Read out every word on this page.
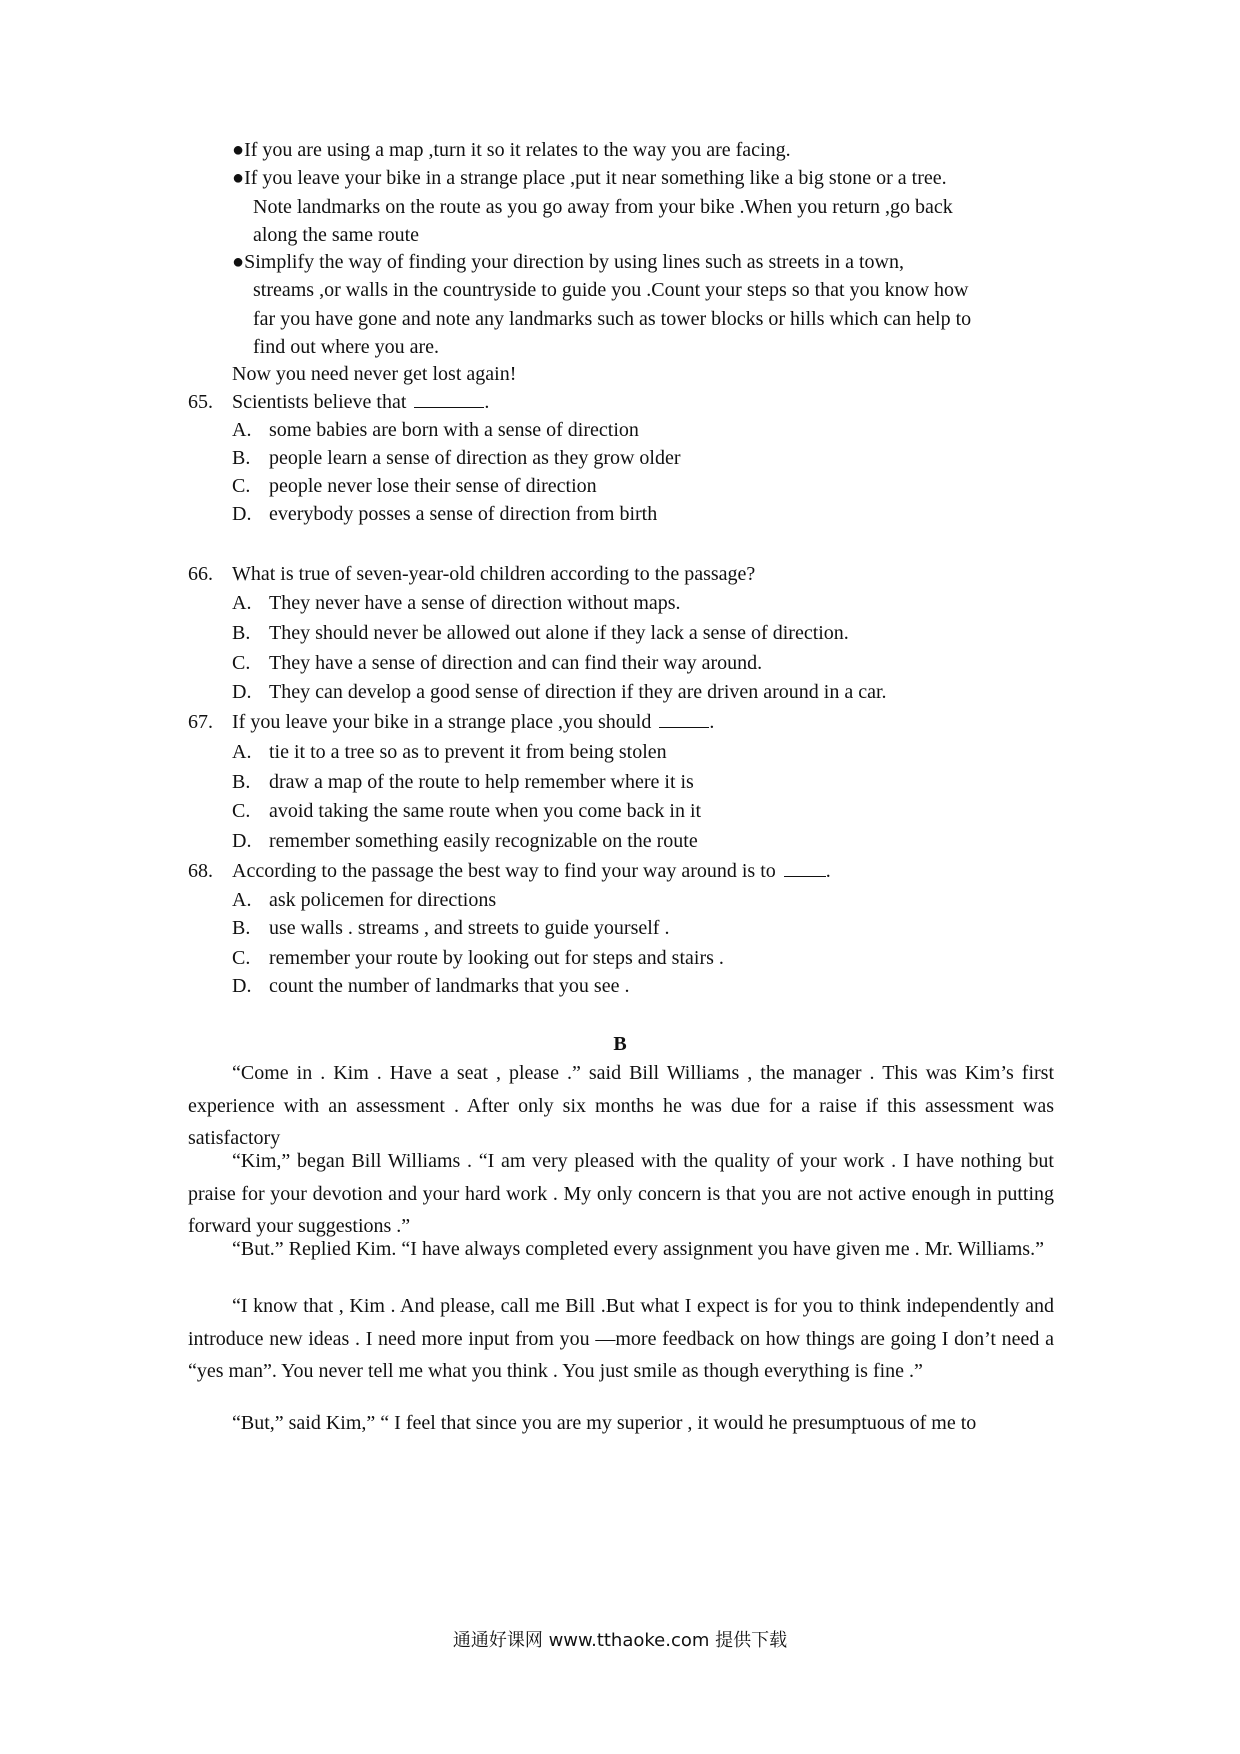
●If you are using a map ,turn it so it relates to the way you are facing.
●If you leave your bike in a strange place ,put it near something like a big stone or a tree.
Note landmarks on the route as you go away from your bike .When you return ,go back
along the same route
●Simplify the way of finding your direction by using lines such as streets in a town,
streams ,or walls in the countryside to guide you .Count your steps so that you know how
far you have gone and note any landmarks such as tower blocks or hills which can help to
find out where you are.
Now you need never get lost again!
65. Scientists believe that	.
A. some babies are born with a sense of direction
B. people learn a sense of direction as they grow older
C. people never lose their sense of direction
D. everybody posses a sense of direction from birth
66. What is true of seven-year-old children according to the passage?
A. They never have a sense of direction without maps.
B. They should never be allowed out alone if they lack a sense of direction.
C. They have a sense of direction and can find their way around.
D. They can develop a good sense of direction if they are driven around in a car.
67. If you leave your bike in a strange place ,you should	.
A. tie it to a tree so as to prevent it from being stolen
B. draw a map of the route to help remember where it is
C. avoid taking the same route when you come back in it
D. remember something easily recognizable on the route
68. According to the passage the best way to find your way around is to	.
A. ask policemen for directions
B. use walls . streams , and streets to guide yourself .
C. remember your route by looking out for steps and stairs .
D. count the number of landmarks that you see .
B
“Come in . Kim . Have a seat , please .” said Bill Williams , the manager . This was Kim’s first experience with an assessment . After only six months he was due for a raise if this assessment was satisfactory
“Kim,” began Bill Williams . “I am very pleased with the quality of your work . I have nothing but praise for your devotion and your hard work . My only concern is that you are not active enough in putting forward your suggestions .”
“But.” Replied Kim. “I have always completed every assignment you have given me . Mr. Williams.”
“I know that , Kim . And please, call me Bill .But what I expect is for you to think independently and introduce new ideas . I need more input from you —more feedback on how things are going I don’t need a “yes man”. You never tell me what you think . You just smile as though everything is fine .”
“But,” said Kim,” “ I feel that since you are my superior , it would he presumptuous of me to
通通好课网 www.tthaoke.com 提供下载
